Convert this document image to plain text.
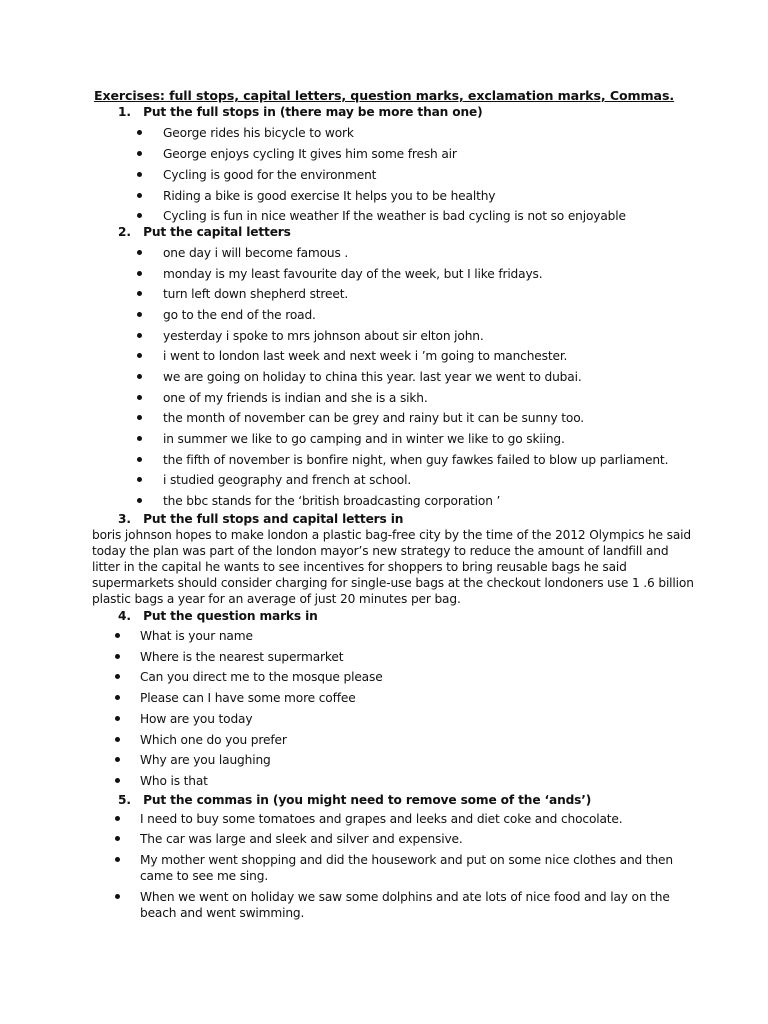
Exercises: full stops, capital letters, question marks, exclamation marks, Commas.
1.   Put the full stops in (there may be more than one)
George rides his bicycle to work
George enjoys cycling It gives him some fresh air
Cycling is good for the environment
Riding a bike is good exercise It helps you to be healthy
Cycling is fun in nice weather If the weather is bad cycling is not so enjoyable
2.   Put the capital letters
one day i will become famous .
monday is my least favourite day of the week, but I like fridays.
turn left down shepherd street.
go to the end of the road.
yesterday i spoke to mrs johnson about sir elton john.
i went to london last week and next week i ’m going to manchester.
we are going on holiday to china this year. last year we went to dubai.
one of my friends is indian and she is a sikh.
the month of november can be grey and rainy but it can be sunny too.
in summer we like to go camping and in winter we like to go skiing.
the fifth of november is bonfire night, when guy fawkes failed to blow up parliament.
i studied geography and french at school.
the bbc stands for the ‘british broadcasting corporation ’
3.   Put the full stops and capital letters in
boris johnson hopes to make london a plastic bag-free city by the time of the 2012 Olympics he said
today the plan was part of the london mayor’s new strategy to reduce the amount of landfill and
litter in the capital he wants to see incentives for shoppers to bring reusable bags he said
supermarkets should consider charging for single-use bags at the checkout londoners use 1 .6 billion
plastic bags a year for an average of just 20 minutes per bag.
4.   Put the question marks in
What is your name
Where is the nearest supermarket
Can you direct me to the mosque please
Please can I have some more coffee
How are you today
Which one do you prefer
Why are you laughing
Who is that
5.   Put the commas in (you might need to remove some of the ‘ands’)
I need to buy some tomatoes and grapes and leeks and diet coke and chocolate.
The car was large and sleek and silver and expensive.
My mother went shopping and did the housework and put on some nice clothes and then
came to see me sing.
When we went on holiday we saw some dolphins and ate lots of nice food and lay on the
beach and went swimming.
